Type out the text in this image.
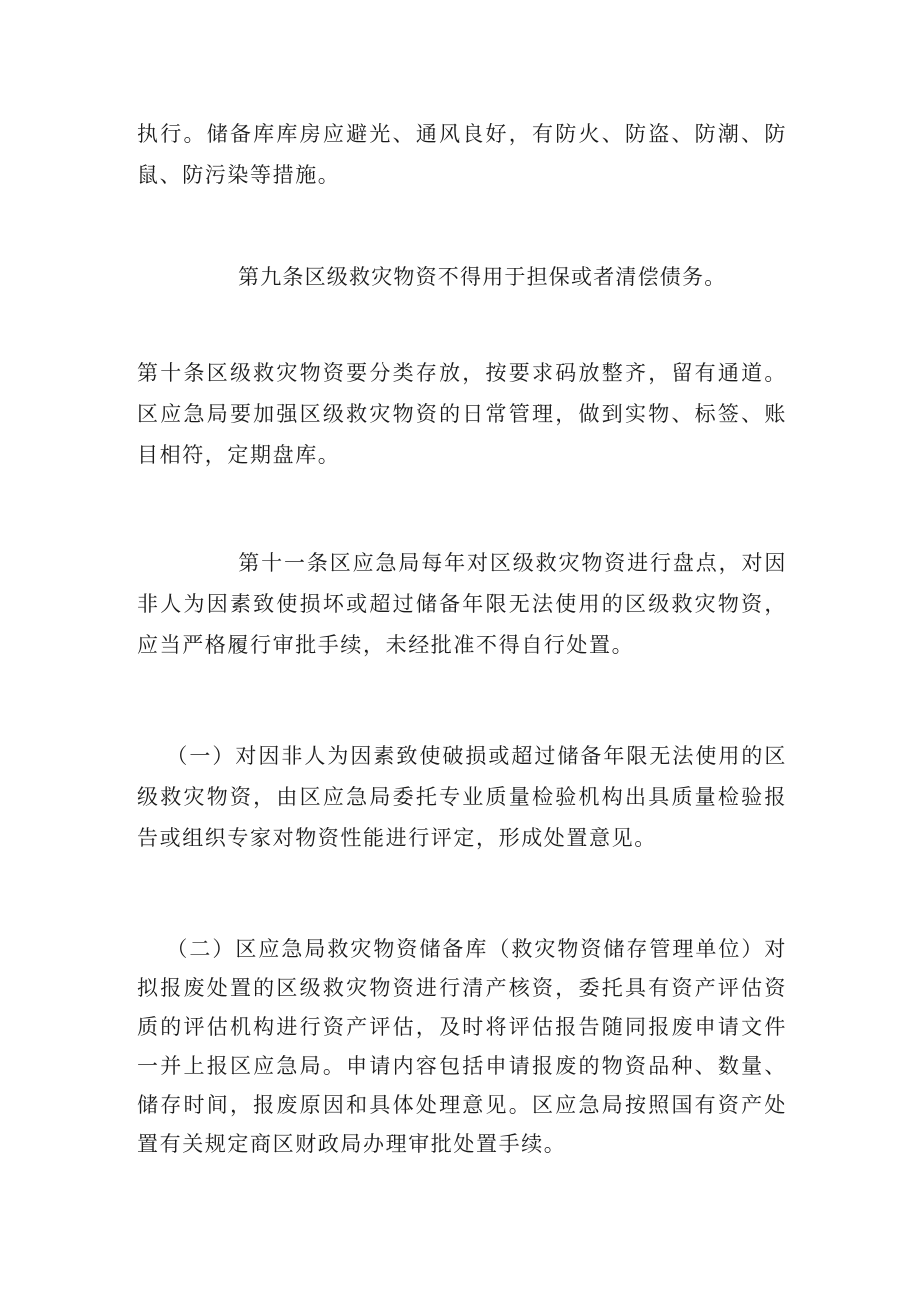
执行。储备库库房应避光、通风良好，有防火、防盗、防潮、防鼠、防污染等措施。

第九条区级救灾物资不得用于担保或者清偿债务。

第十条区级救灾物资要分类存放，按要求码放整齐，留有通道。区应急局要加强区级救灾物资的日常管理，做到实物、标签、账目相符，定期盘库。

第十一条区应急局每年对区级救灾物资进行盘点，对因非人为因素致使损坏或超过储备年限无法使用的区级救灾物资，应当严格履行审批手续，未经批准不得自行处置。

（一）对因非人为因素致使破损或超过储备年限无法使用的区级救灾物资，由区应急局委托专业质量检验机构出具质量检验报告或组织专家对物资性能进行评定，形成处置意见。

（二）区应急局救灾物资储备库（救灾物资储存管理单位）对拟报废处置的区级救灾物资进行清产核资，委托具有资产评估资质的评估机构进行资产评估，及时将评估报告随同报废申请文件一并上报区应急局。申请内容包括申请报废的物资品种、数量、储存时间，报废原因和具体处理意见。区应急局按照国有资产处置有关规定商区财政局办理审批处置手续。
